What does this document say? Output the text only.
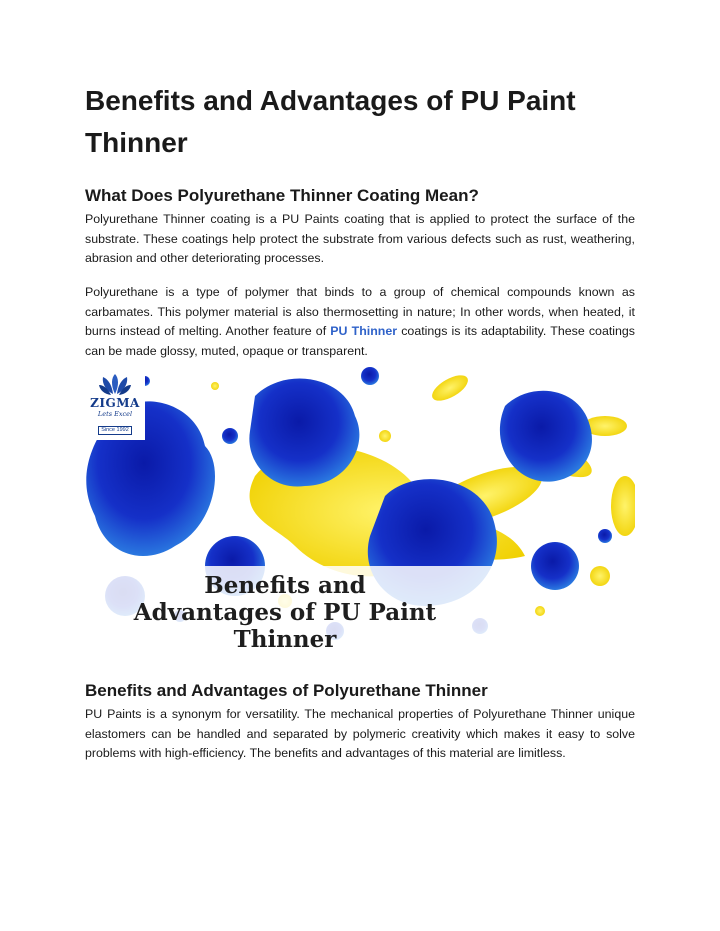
Benefits and Advantages of PU Paint Thinner
What Does Polyurethane Thinner Coating Mean?

Polyurethane Thinner coating is a PU Paints coating that is applied to protect the surface of the substrate. These coatings help protect the substrate from various defects such as rust, weathering, abrasion and other deteriorating processes.

Polyurethane is a type of polymer that binds to a group of chemical compounds known as carbamates. This polymer material is also thermosetting in nature; In other words, when heated, it burns instead of melting. Another feature of PU Thinner coatings is its adaptability. These coatings can be made glossy, muted, opaque or transparent.

Benefits and Advantages of Polyurethane Thinner

PU Paints is a synonym for versatility. The mechanical properties of Polyurethane Thinner unique elastomers can be handled and separated by polymeric creativity which makes it easy to solve problems with high-efficiency. The benefits and advantages of this material are limitless.

ZIGMA
Lets Excel
Since 1992
Benefits and
Advantages of PU Paint
Thinner
